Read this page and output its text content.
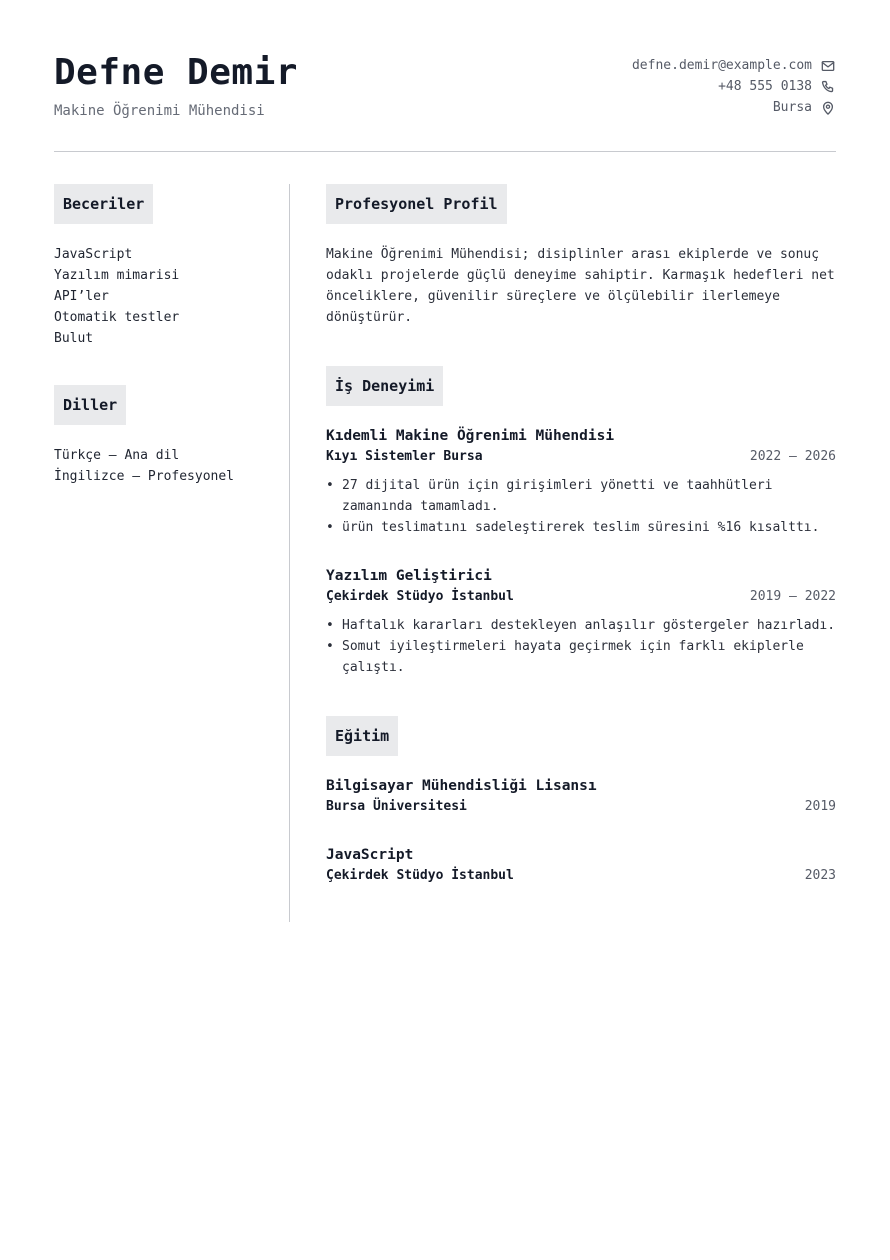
Defne Demir
Makine Öğrenimi Mühendisi
defne.demir@example.com
+48 555 0138
Bursa
Beceriler
JavaScript
Yazılım mimarisi
API’ler
Otomatik testler
Bulut
Diller
Türkçe — Ana dil
İngilizce — Profesyonel
Profesyonel Profil
Makine Öğrenimi Mühendisi; disiplinler arası ekiplerde ve sonuç odaklı projelerde güçlü deneyime sahiptir. Karmaşık hedefleri net önceliklere, güvenilir süreçlere ve ölçülebilir ilerlemeye dönüştürür.
İş Deneyimi
Kıdemli Makine Öğrenimi Mühendisi
Kıyı Sistemler Bursa	2022 — 2026
• 27 dijital ürün için girişimleri yönetti ve taahhütleri zamanında tamamladı.
• ürün teslimatını sadeleştirerek teslim süresini %16 kısalttı.
Yazılım Geliştirici
Çekirdek Stüdyo İstanbul	2019 — 2022
• Haftalık kararları destekleyen anlaşılır göstergeler hazırladı.
• Somut iyileştirmeleri hayata geçirmek için farklı ekiplerle çalıştı.
Eğitim
Bilgisayar Mühendisliği Lisansı
Bursa Üniversitesi	2019
JavaScript
Çekirdek Stüdyo İstanbul	2023
